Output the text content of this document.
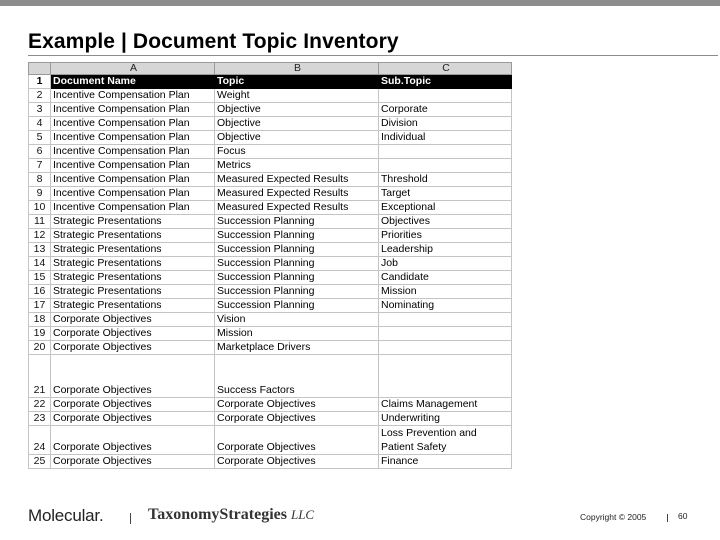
Example | Document Topic Inventory
	A	B	C
1	Document Name	Topic	Sub.Topic
2	Incentive Compensation Plan	Weight	
3	Incentive Compensation Plan	Objective	Corporate
4	Incentive Compensation Plan	Objective	Division
5	Incentive Compensation Plan	Objective	Individual
6	Incentive Compensation Plan	Focus	
7	Incentive Compensation Plan	Metrics	
8	Incentive Compensation Plan	Measured Expected Results	Threshold
9	Incentive Compensation Plan	Measured Expected Results	Target
10	Incentive Compensation Plan	Measured Expected Results	Exceptional
11	Strategic Presentations	Succession Planning	Objectives
12	Strategic Presentations	Succession Planning	Priorities
13	Strategic Presentations	Succession Planning	Leadership
14	Strategic Presentations	Succession Planning	Job
15	Strategic Presentations	Succession Planning	Candidate
16	Strategic Presentations	Succession Planning	Mission
17	Strategic Presentations	Succession Planning	Nominating
18	Corporate Objectives	Vision	
19	Corporate Objectives	Mission	
20	Corporate Objectives	Marketplace Drivers	
21	Corporate Objectives	Success Factors	
22	Corporate Objectives	Corporate Objectives	Claims Management
23	Corporate Objectives	Corporate Objectives	Underwriting
24	Corporate Objectives	Corporate Objectives	Loss Prevention and
Patient Safety
25	Corporate Objectives	Corporate Objectives	Finance
Molecular.	TaxonomyStrategies LLC	Copyright © 2005	60
